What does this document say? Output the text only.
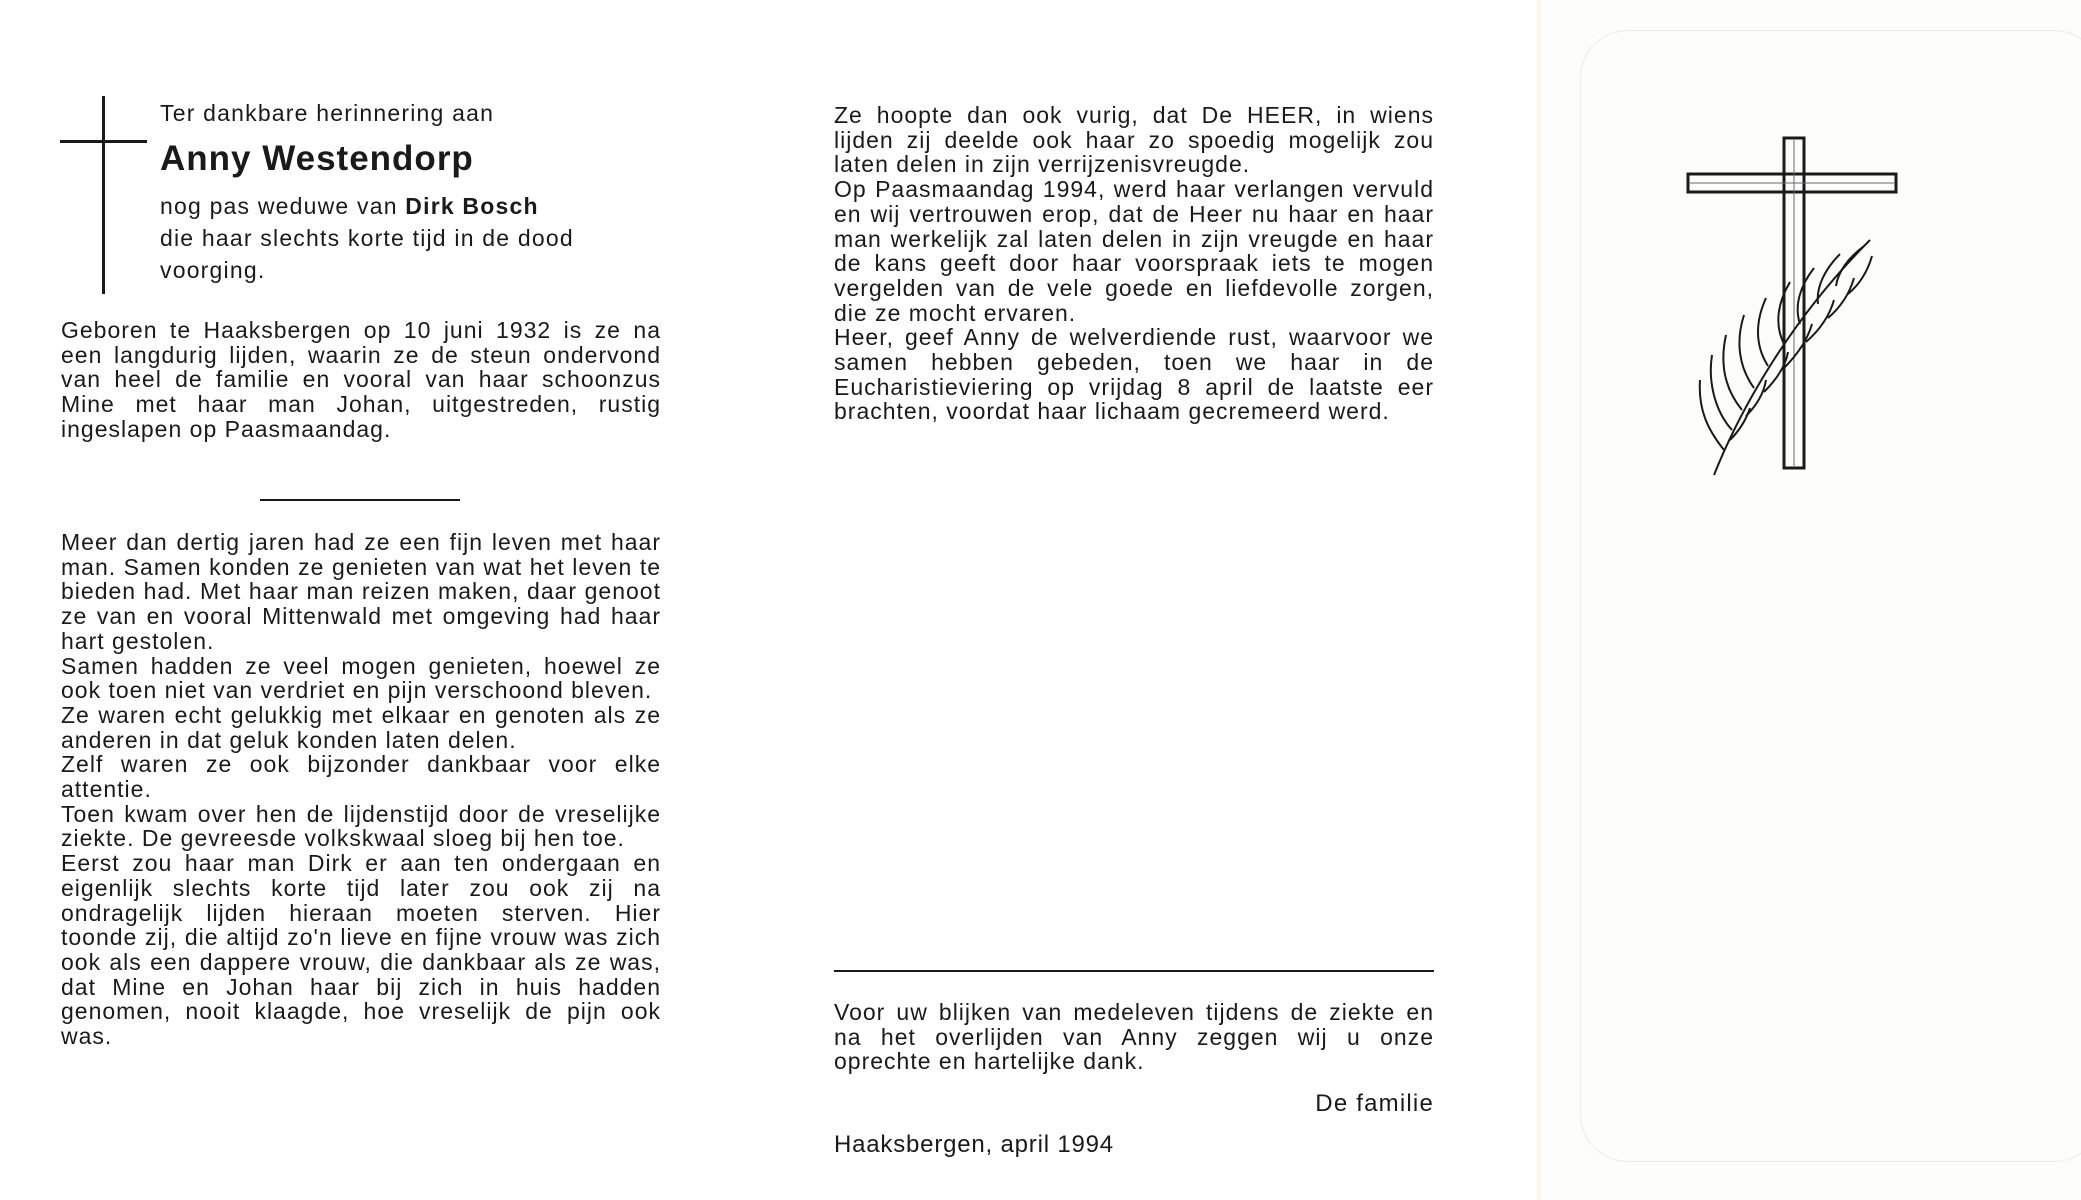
Ter dankbare herinnering aan

Anny Westendorp

nog pas weduwe van Dirk Bosch

die haar slechts korte tijd in de dood

voorging.

Geboren te Haaksbergen op 10 juni 1932 is ze na een langdurig lijden, waarin ze de steun ondervond van heel de familie en vooral van haar schoonzus Mine met haar man Johan, uitgestreden, rustig ingeslapen op Paasmaandag.

Meer dan dertig jaren had ze een fijn leven met haar man. Samen konden ze genieten van wat het leven te bieden had. Met haar man reizen maken, daar genoot ze van en vooral Mittenwald met omgeving had haar hart gestolen.

Samen hadden ze veel mogen genieten, hoewel ze ook toen niet van verdriet en pijn verschoond bleven.

Ze waren echt gelukkig met elkaar en genoten als ze anderen in dat geluk konden laten delen.

Zelf waren ze ook bijzonder dankbaar voor elke attentie.

Toen kwam over hen de lijdenstijd door de vreselijke ziekte. De gevreesde volkskwaal sloeg bij hen toe.

Eerst zou haar man Dirk er aan ten ondergaan en eigenlijk slechts korte tijd later zou ook zij na ondragelijk lijden hieraan moeten sterven. Hier toonde zij, die altijd zo'n lieve en fijne vrouw was zich ook als een dappere vrouw, die dankbaar als ze was, dat Mine en Johan haar bij zich in huis hadden genomen, nooit klaagde, hoe vreselijk de pijn ook was.

Ze hoopte dan ook vurig, dat De HEER, in wiens lijden zij deelde ook haar zo spoedig mogelijk zou laten delen in zijn verrijzenisvreugde.

Op Paasmaandag 1994, werd haar verlangen vervuld en wij vertrouwen erop, dat de Heer nu haar en haar man werkelijk zal laten delen in zijn vreugde en haar de kans geeft door haar voorspraak iets te mogen vergelden van de vele goede en liefdevolle zorgen, die ze mocht ervaren.

Heer, geef Anny de welverdiende rust, waarvoor we samen hebben gebeden, toen we haar in de Eucharistieviering op vrijdag 8 april de laatste eer brachten, voordat haar lichaam gecremeerd werd.

Voor uw blijken van medeleven tijdens de ziekte en na het overlijden van Anny zeggen wij u onze oprechte en hartelijke dank.

De familie
Haaksbergen, april 1994
